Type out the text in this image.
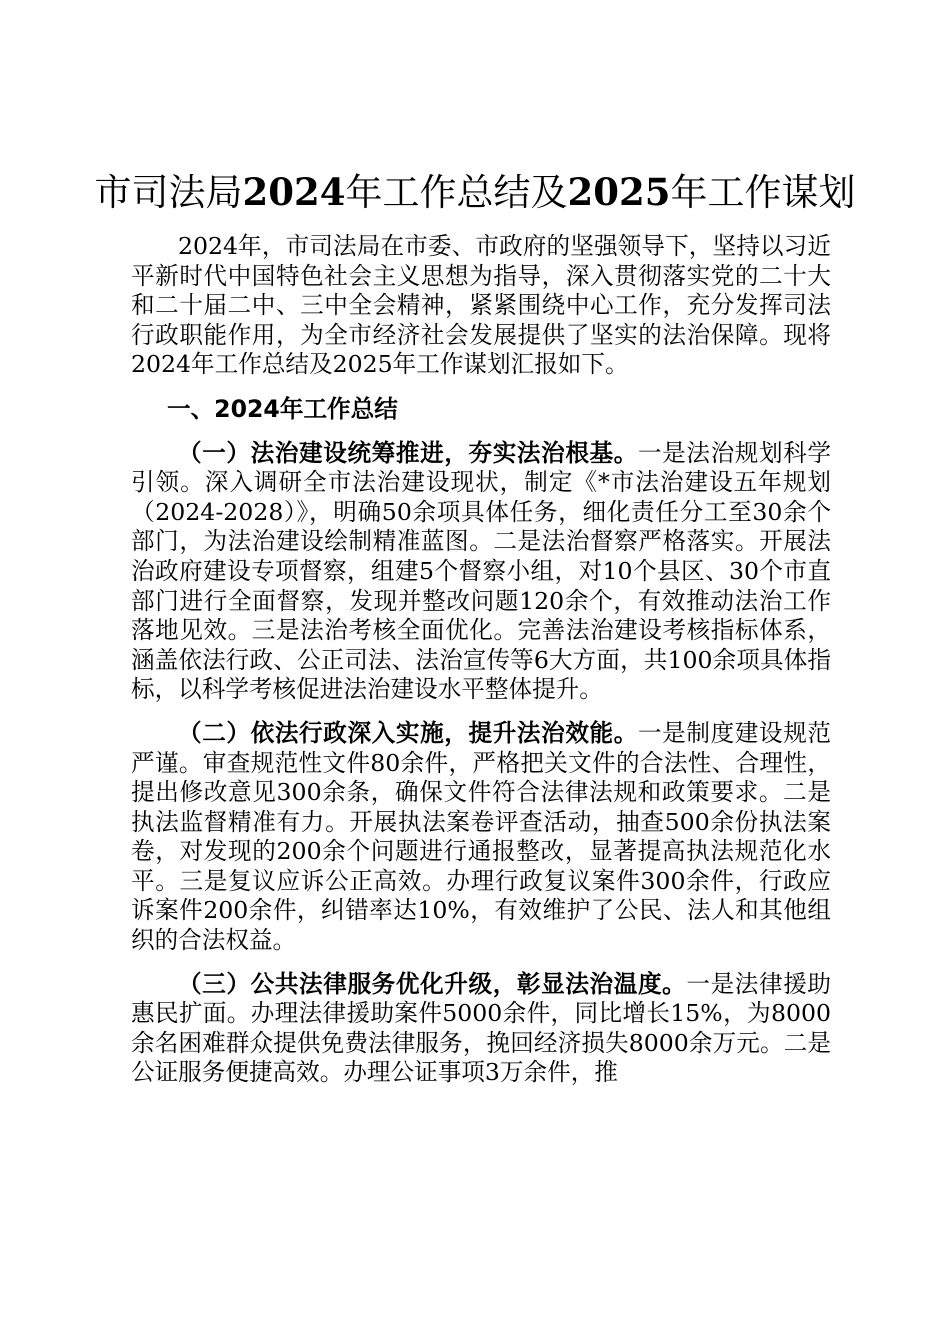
市司法局2024年工作总结及2025年工作谋划

2024年，市司法局在市委、市政府的坚强领导下，坚持以习近平新时代中国特色社会主义思想为指导，深入贯彻落实党的二十大和二十届二中、三中全会精神，紧紧围绕中心工作，充分发挥司法行政职能作用，为全市经济社会发展提供了坚实的法治保障。现将2024年工作总结及2025年工作谋划汇报如下。

一、2024年工作总结

（一）法治建设统筹推进，夯实法治根基。一是法治规划科学引领。深入调研全市法治建设现状，制定《*市法治建设五年规划（2024-2028）》，明确50余项具体任务，细化责任分工至30余个部门，为法治建设绘制精准蓝图。二是法治督察严格落实。开展法治政府建设专项督察，组建5个督察小组，对10个县区、30个市直部门进行全面督察，发现并整改问题120余个，有效推动法治工作落地见效。三是法治考核全面优化。完善法治建设考核指标体系，涵盖依法行政、公正司法、法治宣传等6大方面，共100余项具体指标，以科学考核促进法治建设水平整体提升。

（二）依法行政深入实施，提升法治效能。一是制度建设规范严谨。审查规范性文件80余件，严格把关文件的合法性、合理性，提出修改意见300余条，确保文件符合法律法规和政策要求。二是执法监督精准有力。开展执法案卷评查活动，抽查500余份执法案卷，对发现的200余个问题进行通报整改，显著提高执法规范化水平。三是复议应诉公正高效。办理行政复议案件300余件，行政应诉案件200余件，纠错率达10%，有效维护了公民、法人和其他组织的合法权益。

（三）公共法律服务优化升级，彰显法治温度。一是法律援助惠民扩面。办理法律援助案件5000余件，同比增长15%，为8000余名困难群众提供免费法律服务，挽回经济损失8000余万元。二是公证服务便捷高效。办理公证事项3万余件，推
